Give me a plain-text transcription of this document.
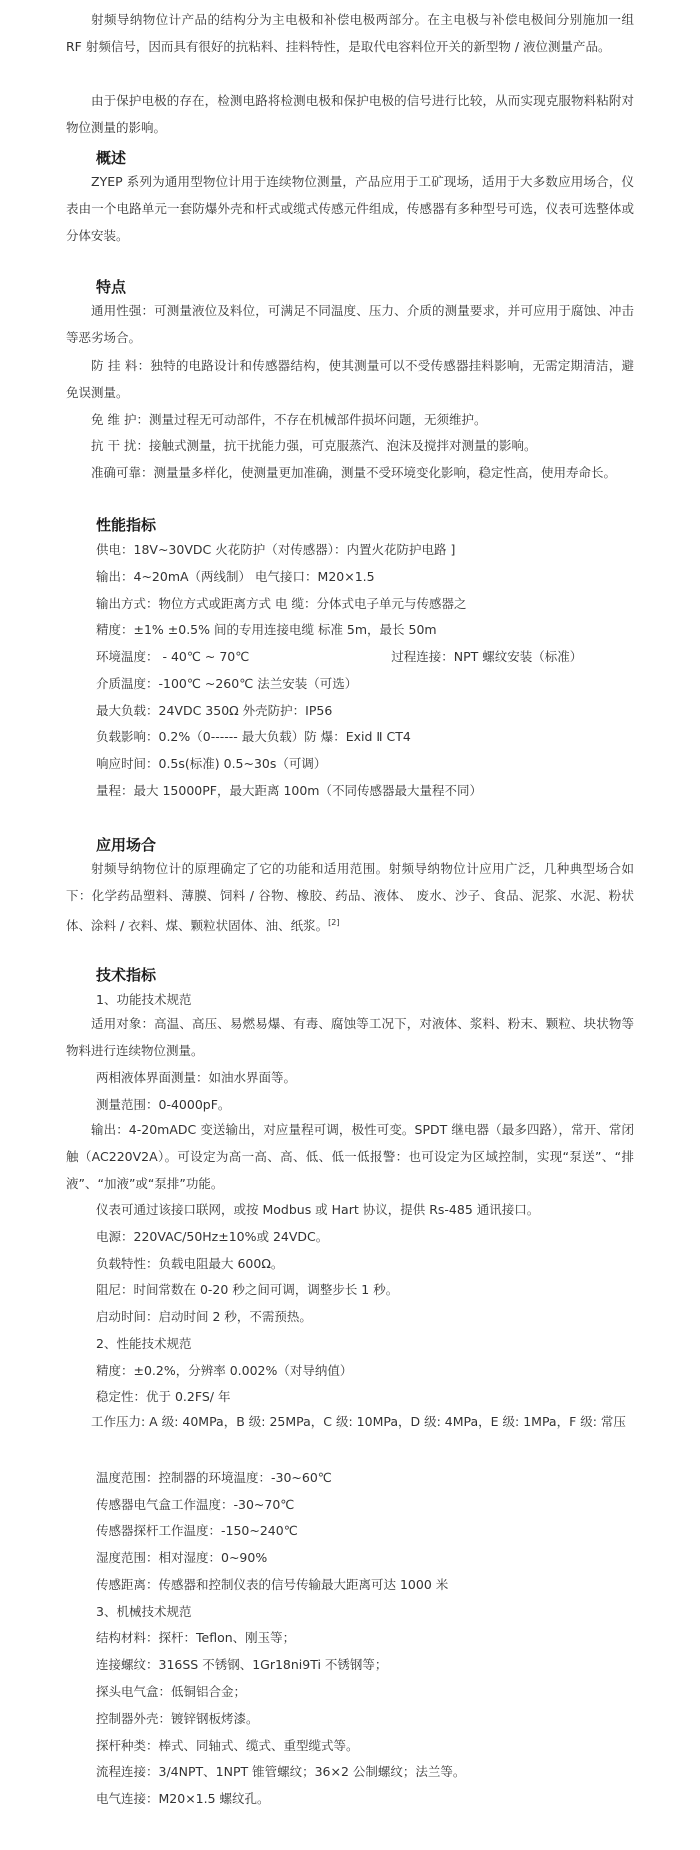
射频导纳物位计产品的结构分为主电极和补偿电极两部分。在主电极与补偿电极间分别施加一组 RF 射频信号，因而具有很好的抗粘料、挂料特性，是取代电容料位开关的新型物 / 液位测量产品。

由于保护电极的存在，检测电路将检测电极和保护电极的信号进行比较，从而实现克服物料粘附对物位测量的影响。

概述

ZYEP 系列为通用型物位计用于连续物位测量，产品应用于工矿现场，适用于大多数应用场合，仪表由一个电路单元一套防爆外壳和杆式或缆式传感元件组成，传感器有多种型号可选，仪表可选整体或分体安装。

特点

通用性强：可测量液位及料位，可满足不同温度、压力、介质的测量要求，并可应用于腐蚀、冲击等恶劣场合。

防 挂 料：独特的电路设计和传感器结构，使其测量可以不受传感器挂料影响，无需定期清洁，避免误测量。

免 维 护：测量过程无可动部件，不存在机械部件损坏问题，无须维护。

抗 干 扰：接触式测量，抗干扰能力强，可克服蒸汽、泡沫及搅拌对测量的影响。

准确可靠：测量量多样化，使测量更加准确，测量不受环境变化影响，稳定性高，使用寿命长。

性能指标

供电：18V~30VDC 火花防护（对传感器）：内置火花防护电路 ]

输出：4~20mA（两线制） 电气接口：M20×1.5

输出方式：物位方式或距离方式 电 缆：分体式电子单元与传感器之

精度：±1% ±0.5% 间的专用连接电缆 标准 5m，最长 50m

环境温度： - 40℃ ~ 70℃	过程连接：NPT 螺纹安装（标准）

介质温度：-100℃ ~260℃ 法兰安装（可选）

最大负载：24VDC 350Ω 外壳防护：IP56

负载影响：0.2%（0------ 最大负载）防 爆：Exid Ⅱ CT4

响应时间：0.5s(标准) 0.5~30s（可调）

量程：最大 15000PF，最大距离 100m（不同传感器最大量程不同）

应用场合

射频导纳物位计的原理确定了它的功能和适用范围。射频导纳物位计应用广泛，几种典型场合如下：化学药品塑料、薄膜、饲料 / 谷物、橡胶、药品、液体、 废水、沙子、食品、泥浆、水泥、粉状体、涂料 / 衣料、煤、颗粒状固体、油、纸浆。[2]

技术指标

1、功能技术规范

适用对象：高温、高压、易燃易爆、有毒、腐蚀等工况下，对液体、浆料、粉末、颗粒、块状物等物料进行连续物位测量。

两相液体界面测量：如油水界面等。

测量范围：0-4000pF。

输出：4-20mADC 变送输出，对应量程可调，极性可变。SPDT 继电器（最多四路），常开、常闭触（AC220V2A）。可设定为高一高、高、低、低一低报警：也可设定为区域控制，实现“泵送”、“排液”、“加液”或“泵排”功能。

仪表可通过该接口联网，或按 Modbus 或 Hart 协议，提供 Rs-485 通讯接口。

电源：220VAC/50Hz±10%或 24VDC。

负载特性：负载电阻最大 600Ω。

阻尼：时间常数在 0-20 秒之间可调，调整步长 1 秒。

启动时间：启动时间 2 秒，不需预热。

2、性能技术规范

精度：±0.2%，分辨率 0.002%（对导纳值）

稳定性：优于 0.2FS/ 年

工作压力: A 级: 40MPa，B 级: 25MPa，C 级: 10MPa，D 级: 4MPa，E 级: 1MPa，F 级: 常压

温度范围：控制器的环境温度：-30~60℃

传感器电气盒工作温度：-30~70℃

传感器探杆工作温度：-150~240℃

湿度范围：相对湿度：0~90%

传感距离：传感器和控制仪表的信号传输最大距离可达 1000 米

3、机械技术规范

结构材料：探杆：Teflon、刚玉等；

连接螺纹：316SS 不锈钢、1Gr18ni9Ti 不锈钢等；

探头电气盒：低铜铝合金；

控制器外壳：镀锌钢板烤漆。

探杆种类：棒式、同轴式、缆式、重型缆式等。

流程连接：3/4NPT、1NPT 锥管螺纹；36×2 公制螺纹；法兰等。

电气连接：M20×1.5 螺纹孔。
